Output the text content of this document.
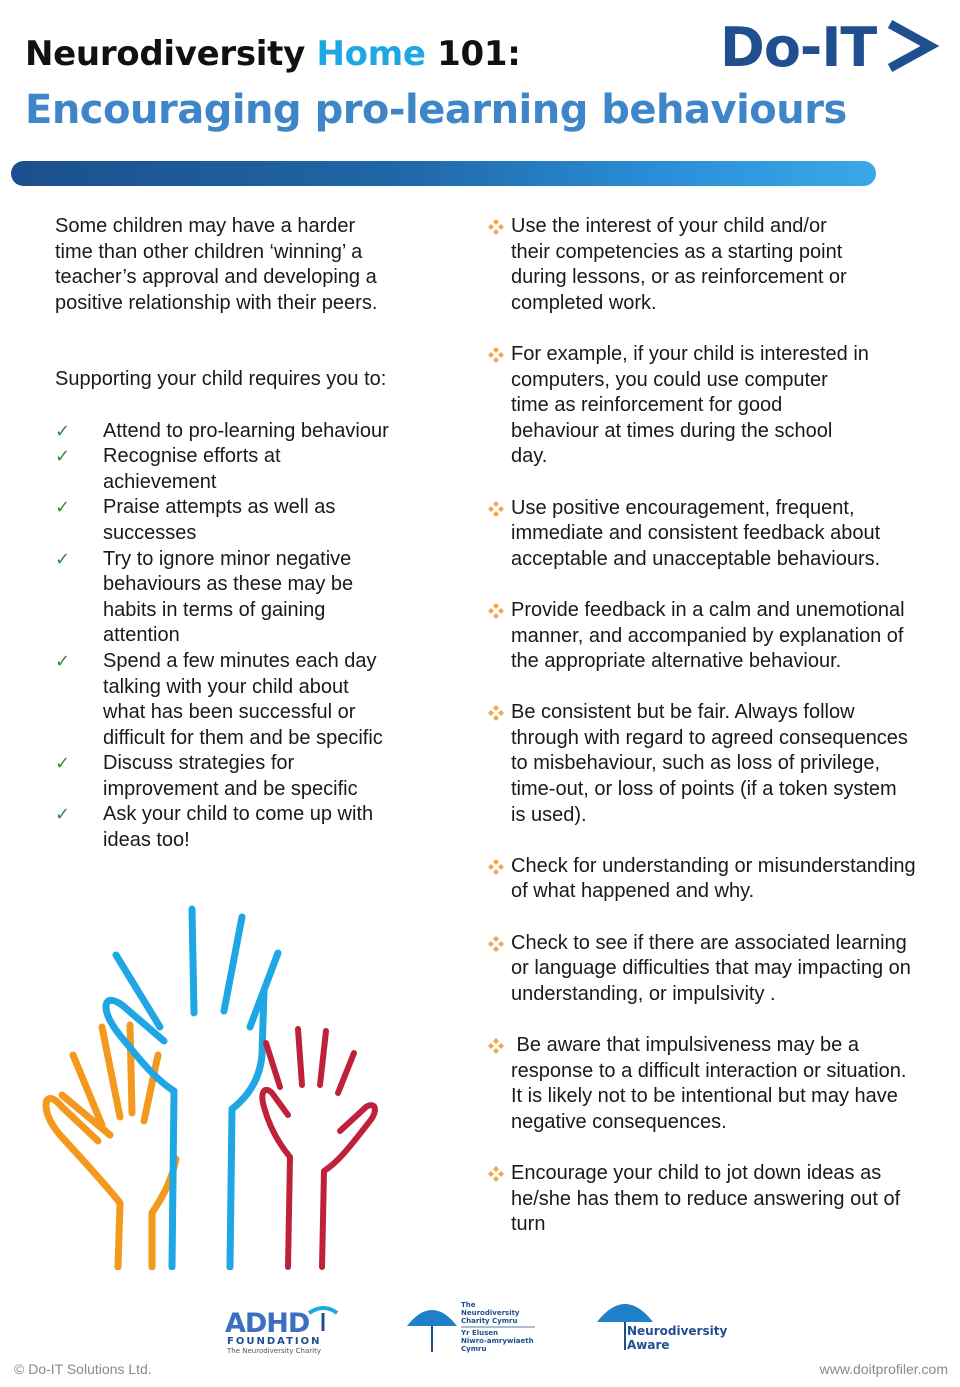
Neurodiversity Home 101:
Encouraging pro-learning behaviours
Do-IT

Some children may have a harder
time than other children ‘winning’ a
teacher’s approval and developing a
positive relationship with their peers.

Supporting your child requires you to:

✓ Attend to pro-learning behaviour
✓ Recognise efforts at
achievement
✓ Praise attempts as well as
successes
✓ Try to ignore minor negative
behaviours as these may be
habits in terms of gaining
attention
✓ Spend a few minutes each day
talking with your child about
what has been successful or
difficult for them and be specific
✓ Discuss strategies for
improvement and be specific
✓ Ask your child to come up with
ideas too!
Use the interest of your child and/or
their competencies as a starting point
during lessons, or as reinforcement or
completed work.
For example, if your child is interested in
computers, you could use computer
time as reinforcement for good
behaviour at times during the school
day.
Use positive encouragement, frequent,
immediate and consistent feedback about
acceptable and unacceptable behaviours.
Provide feedback in a calm and unemotional
manner, and accompanied by explanation of
the appropriate alternative behaviour.
Be consistent but be fair. Always follow
through with regard to agreed consequences
to misbehaviour, such as loss of privilege,
time-out, or loss of points (if a token system
is used).
Check for understanding or misunderstanding
of what happened and why.
Check to see if there are associated learning
or language difficulties that may impacting on
understanding, or impulsivity .
Be aware that impulsiveness may be a
response to a difficult interaction or situation.
It is likely not to be intentional but may have
negative consequences.
Encourage your child to jot down ideas as
he/she has them to reduce answering out of
turn
ADHD
FOUNDATION
The Neurodiversity Charity
The
Neurodiversity
Charity Cymru
Yr Elusen
Niwro-amrywiaeth
Cymru
Neurodiversity
Aware
© Do-IT Solutions Ltd.	www.doitprofiler.com
